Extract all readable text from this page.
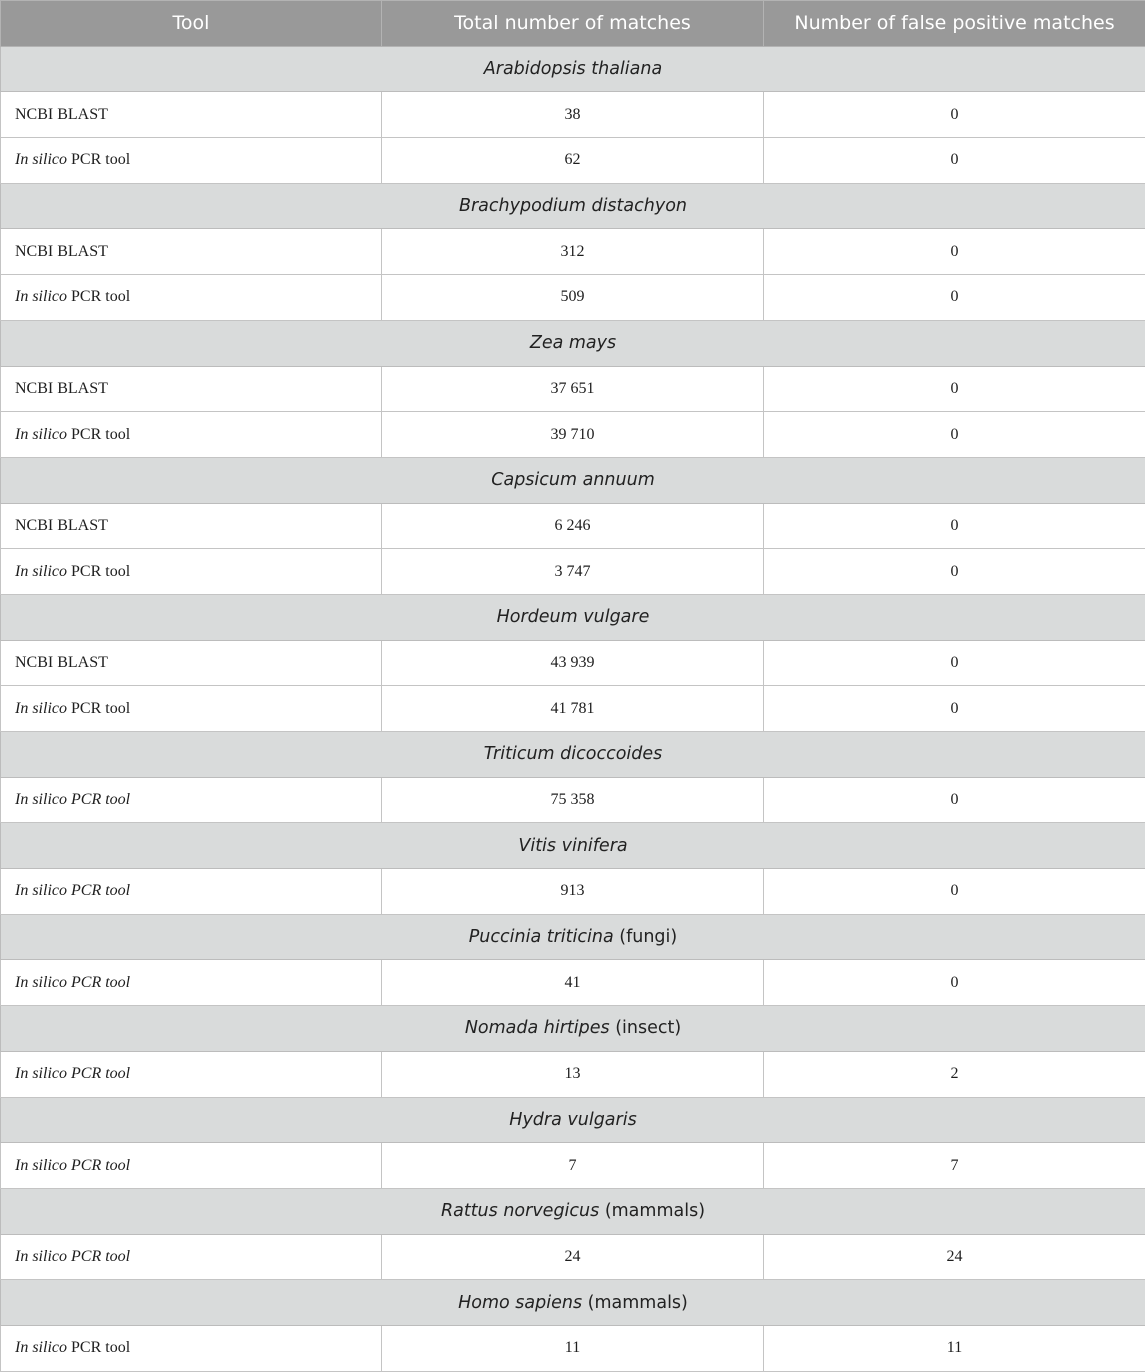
Tool	Total number of matches	Number of false positive matches
Arabidopsis thaliana		
NCBI BLAST	38	0
In silico PCR tool	62	0
Brachypodium distachyon		
NCBI BLAST	312	0
In silico PCR tool	509	0
Zea mays		
NCBI BLAST	37 651	0
In silico PCR tool	39 710	0
Capsicum annuum		
NCBI BLAST	6 246	0
In silico PCR tool	3 747	0
Hordeum vulgare		
NCBI BLAST	43 939	0
In silico PCR tool	41 781	0
Triticum dicoccoides		
In silico PCR tool	75 358	0
Vitis vinifera		
In silico PCR tool	913	0
Puccinia triticina (fungi)		
In silico PCR tool	41	0
Nomada hirtipes (insect)		
In silico PCR tool	13	2
Hydra vulgaris		
In silico PCR tool	7	7
Rattus norvegicus (mammals)		
In silico PCR tool	24	24
Homo sapiens (mammals)		
In silico PCR tool	11	11
